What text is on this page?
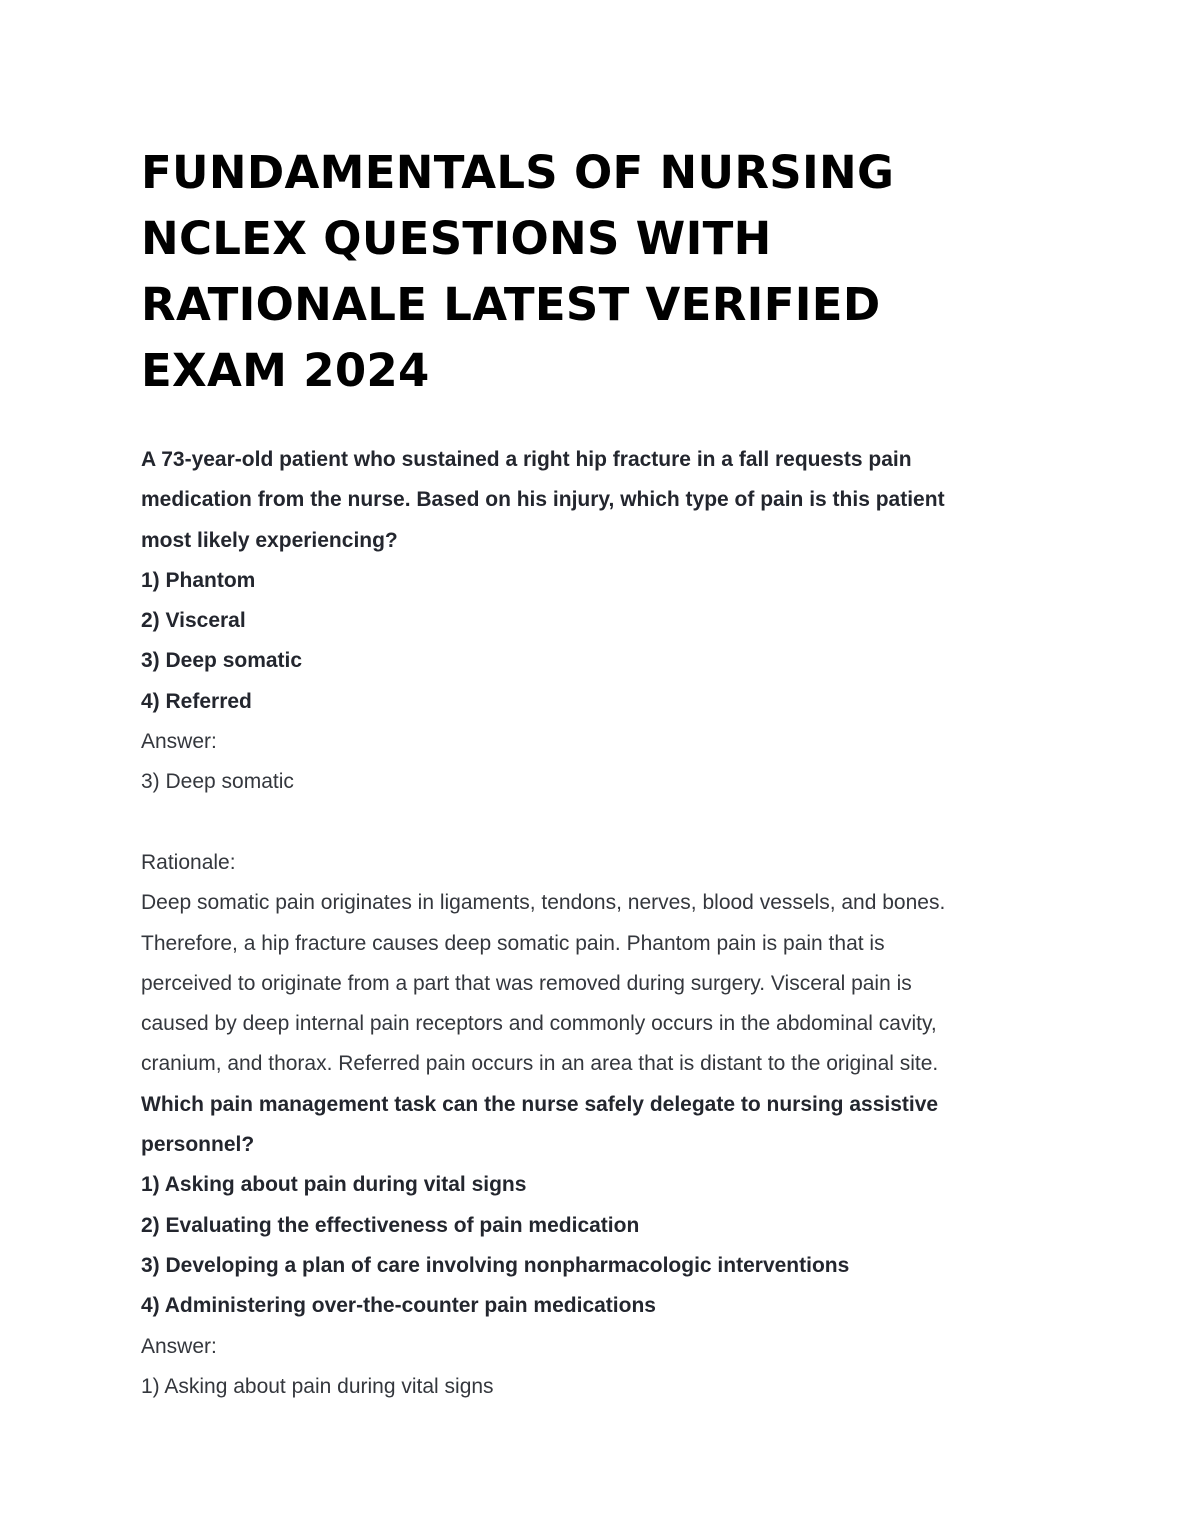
FUNDAMENTALS OF NURSING
NCLEX QUESTIONS WITH
RATIONALE LATEST VERIFIED
EXAM 2024

A 73-year-old patient who sustained a right hip fracture in a fall requests pain

medication from the nurse. Based on his injury, which type of pain is this patient

most likely experiencing?

1) Phantom

2) Visceral

3) Deep somatic

4) Referred

Answer:

3) Deep somatic

Rationale:

Deep somatic pain originates in ligaments, tendons, nerves, blood vessels, and bones.

Therefore, a hip fracture causes deep somatic pain. Phantom pain is pain that is

perceived to originate from a part that was removed during surgery. Visceral pain is

caused by deep internal pain receptors and commonly occurs in the abdominal cavity,

cranium, and thorax. Referred pain occurs in an area that is distant to the original site.

Which pain management task can the nurse safely delegate to nursing assistive

personnel?

1) Asking about pain during vital signs

2) Evaluating the effectiveness of pain medication

3) Developing a plan of care involving nonpharmacologic interventions

4) Administering over-the-counter pain medications

Answer:

1) Asking about pain during vital signs
